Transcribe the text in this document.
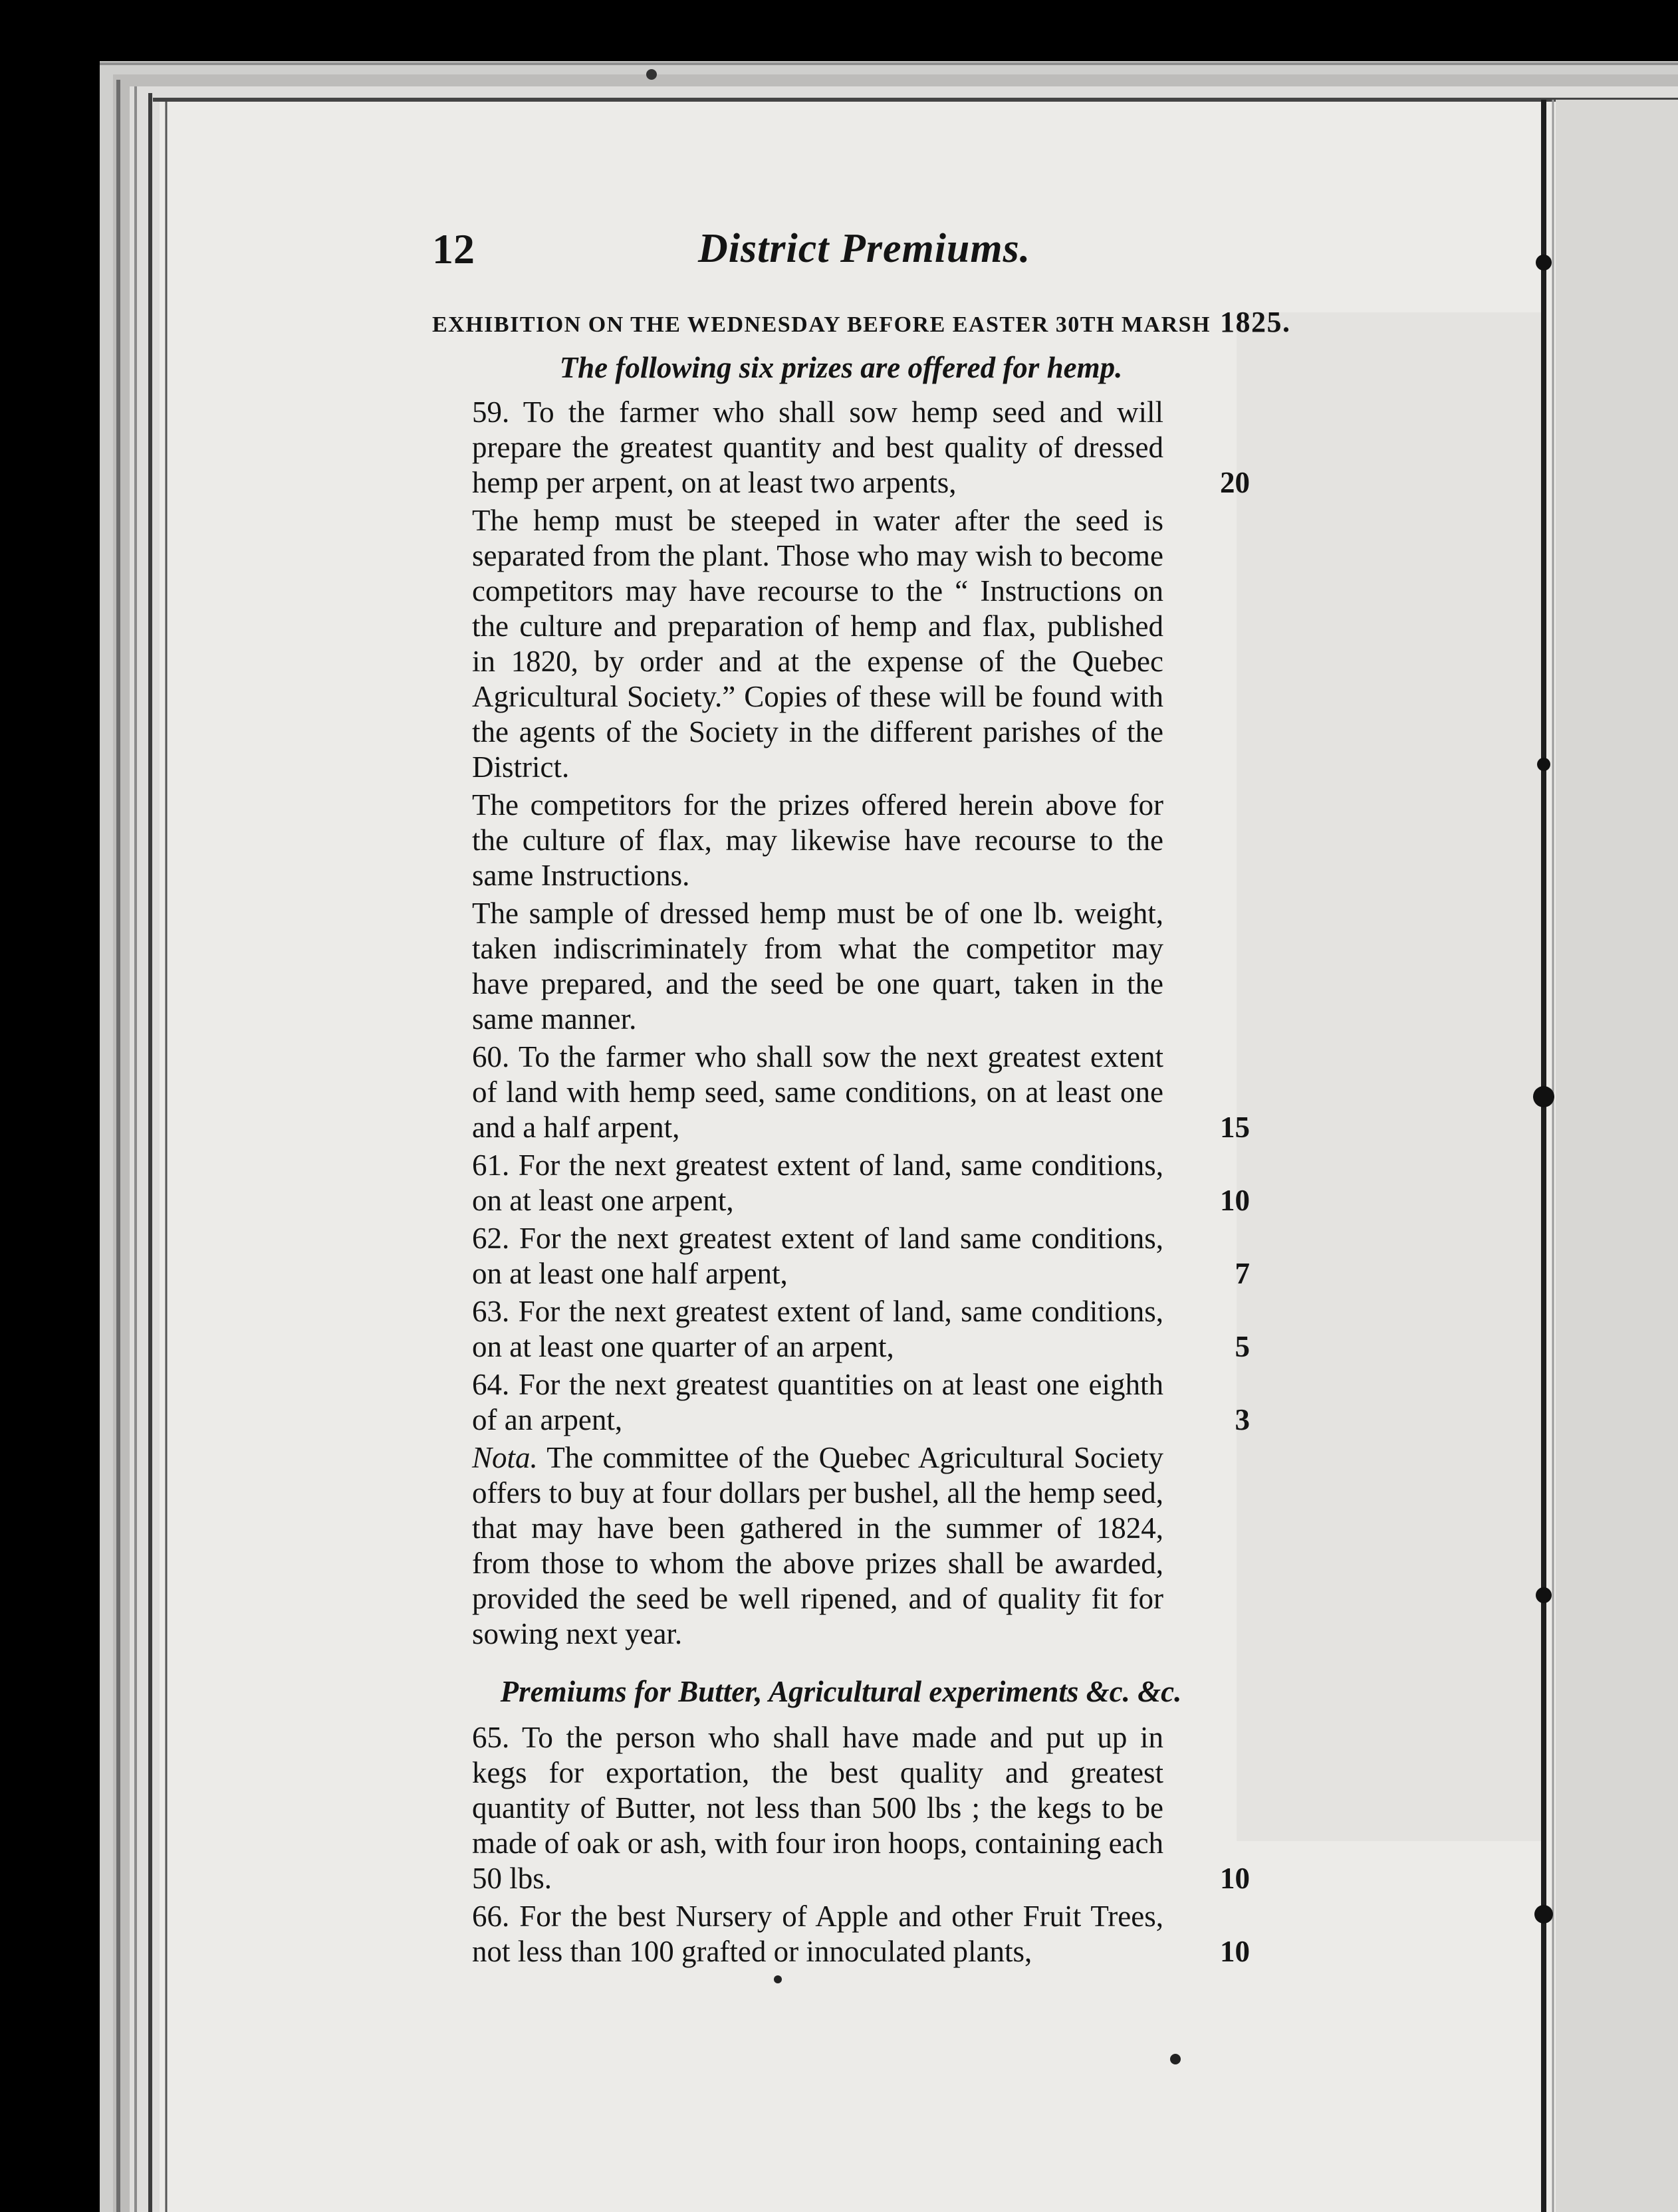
12	District Premiums.
EXHIBITION ON THE WEDNESDAY BEFORE EASTER 30TH MARSH 1825.
The following six prizes are offered for hemp.
59. To the farmer who shall sow hemp seed and will prepare the greatest quantity and best quality of dressed hemp per arpent, on at least two arpents,	20

The hemp must be steeped in water after the seed is separated from the plant. Those who may wish to become competitors may have recourse to the “ Instructions on the culture and preparation of hemp and flax, published in 1820, by order and at the expense of the Quebec Agricultural Society.” Copies of these will be found with the agents of the Society in the different parishes of the District.

The competitors for the prizes offered herein above for the culture of flax, may likewise have recourse to the same Instructions.

The sample of dressed hemp must be of one lb. weight, taken indiscriminately from what the competitor may have prepared, and the seed be one quart, taken in the same manner.

60. To the farmer who shall sow the next greatest extent of land with hemp seed, same conditions, on at least one and a half arpent,	15
61. For the next greatest extent of land, same conditions, on at least one arpent,	10
62. For the next greatest extent of land same conditions, on at least one half arpent,	7
63. For the next greatest extent of land, same conditions, on at least one quarter of an arpent,	5
64. For the next greatest quantities on at least one eighth of an arpent,	3

Nota. The committee of the Quebec Agricultural Society offers to buy at four dollars per bushel, all the hemp seed, that may have been gathered in the summer of 1824, from those to whom the above prizes shall be awarded, provided the seed be well ripened, and of quality fit for sowing next year.

Premiums for Butter, Agricultural experiments &c. &c.
65. To the person who shall have made and put up in kegs for exportation, the best quality and greatest quantity of Butter, not less than 500 lbs ; the kegs to be made of oak or ash, with four iron hoops, containing each 50 lbs.	10
66. For the best Nursery of Apple and other Fruit Trees, not less than 100 grafted or innoculated plants,	10
